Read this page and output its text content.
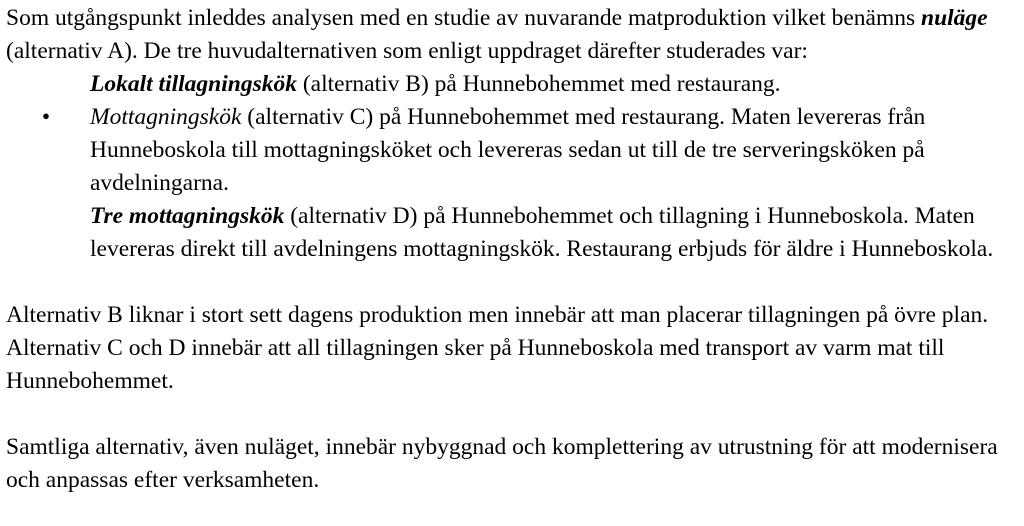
Som utgångspunkt inleddes analysen med en studie av nuvarande matproduktion vilket benämns nuläge (alternativ A). De tre huvudalternativen som enligt uppdraget därefter studerades var:

Lokalt tillagningskök (alternativ B) på Hunnebohemmet med restaurang.
• Mottagningskök (alternativ C) på Hunnebohemmet med restaurang. Maten levereras från Hunneboskola till mottagningsköket och levereras sedan ut till de tre serveringsköken på avdelningarna.
Tre mottagningskök (alternativ D) på Hunnebohemmet och tillagning i Hunneboskola. Maten levereras direkt till avdelningens mottagningskök. Restaurang erbjuds för äldre i Hunneboskola.

Alternativ B liknar i stort sett dagens produktion men innebär att man placerar tillagningen på övre plan. Alternativ C och D innebär att all tillagningen sker på Hunneboskola med transport av varm mat till Hunnebohemmet.

Samtliga alternativ, även nuläget, innebär nybyggnad och komplettering av utrustning för att modernisera och anpassas efter verksamheten.
